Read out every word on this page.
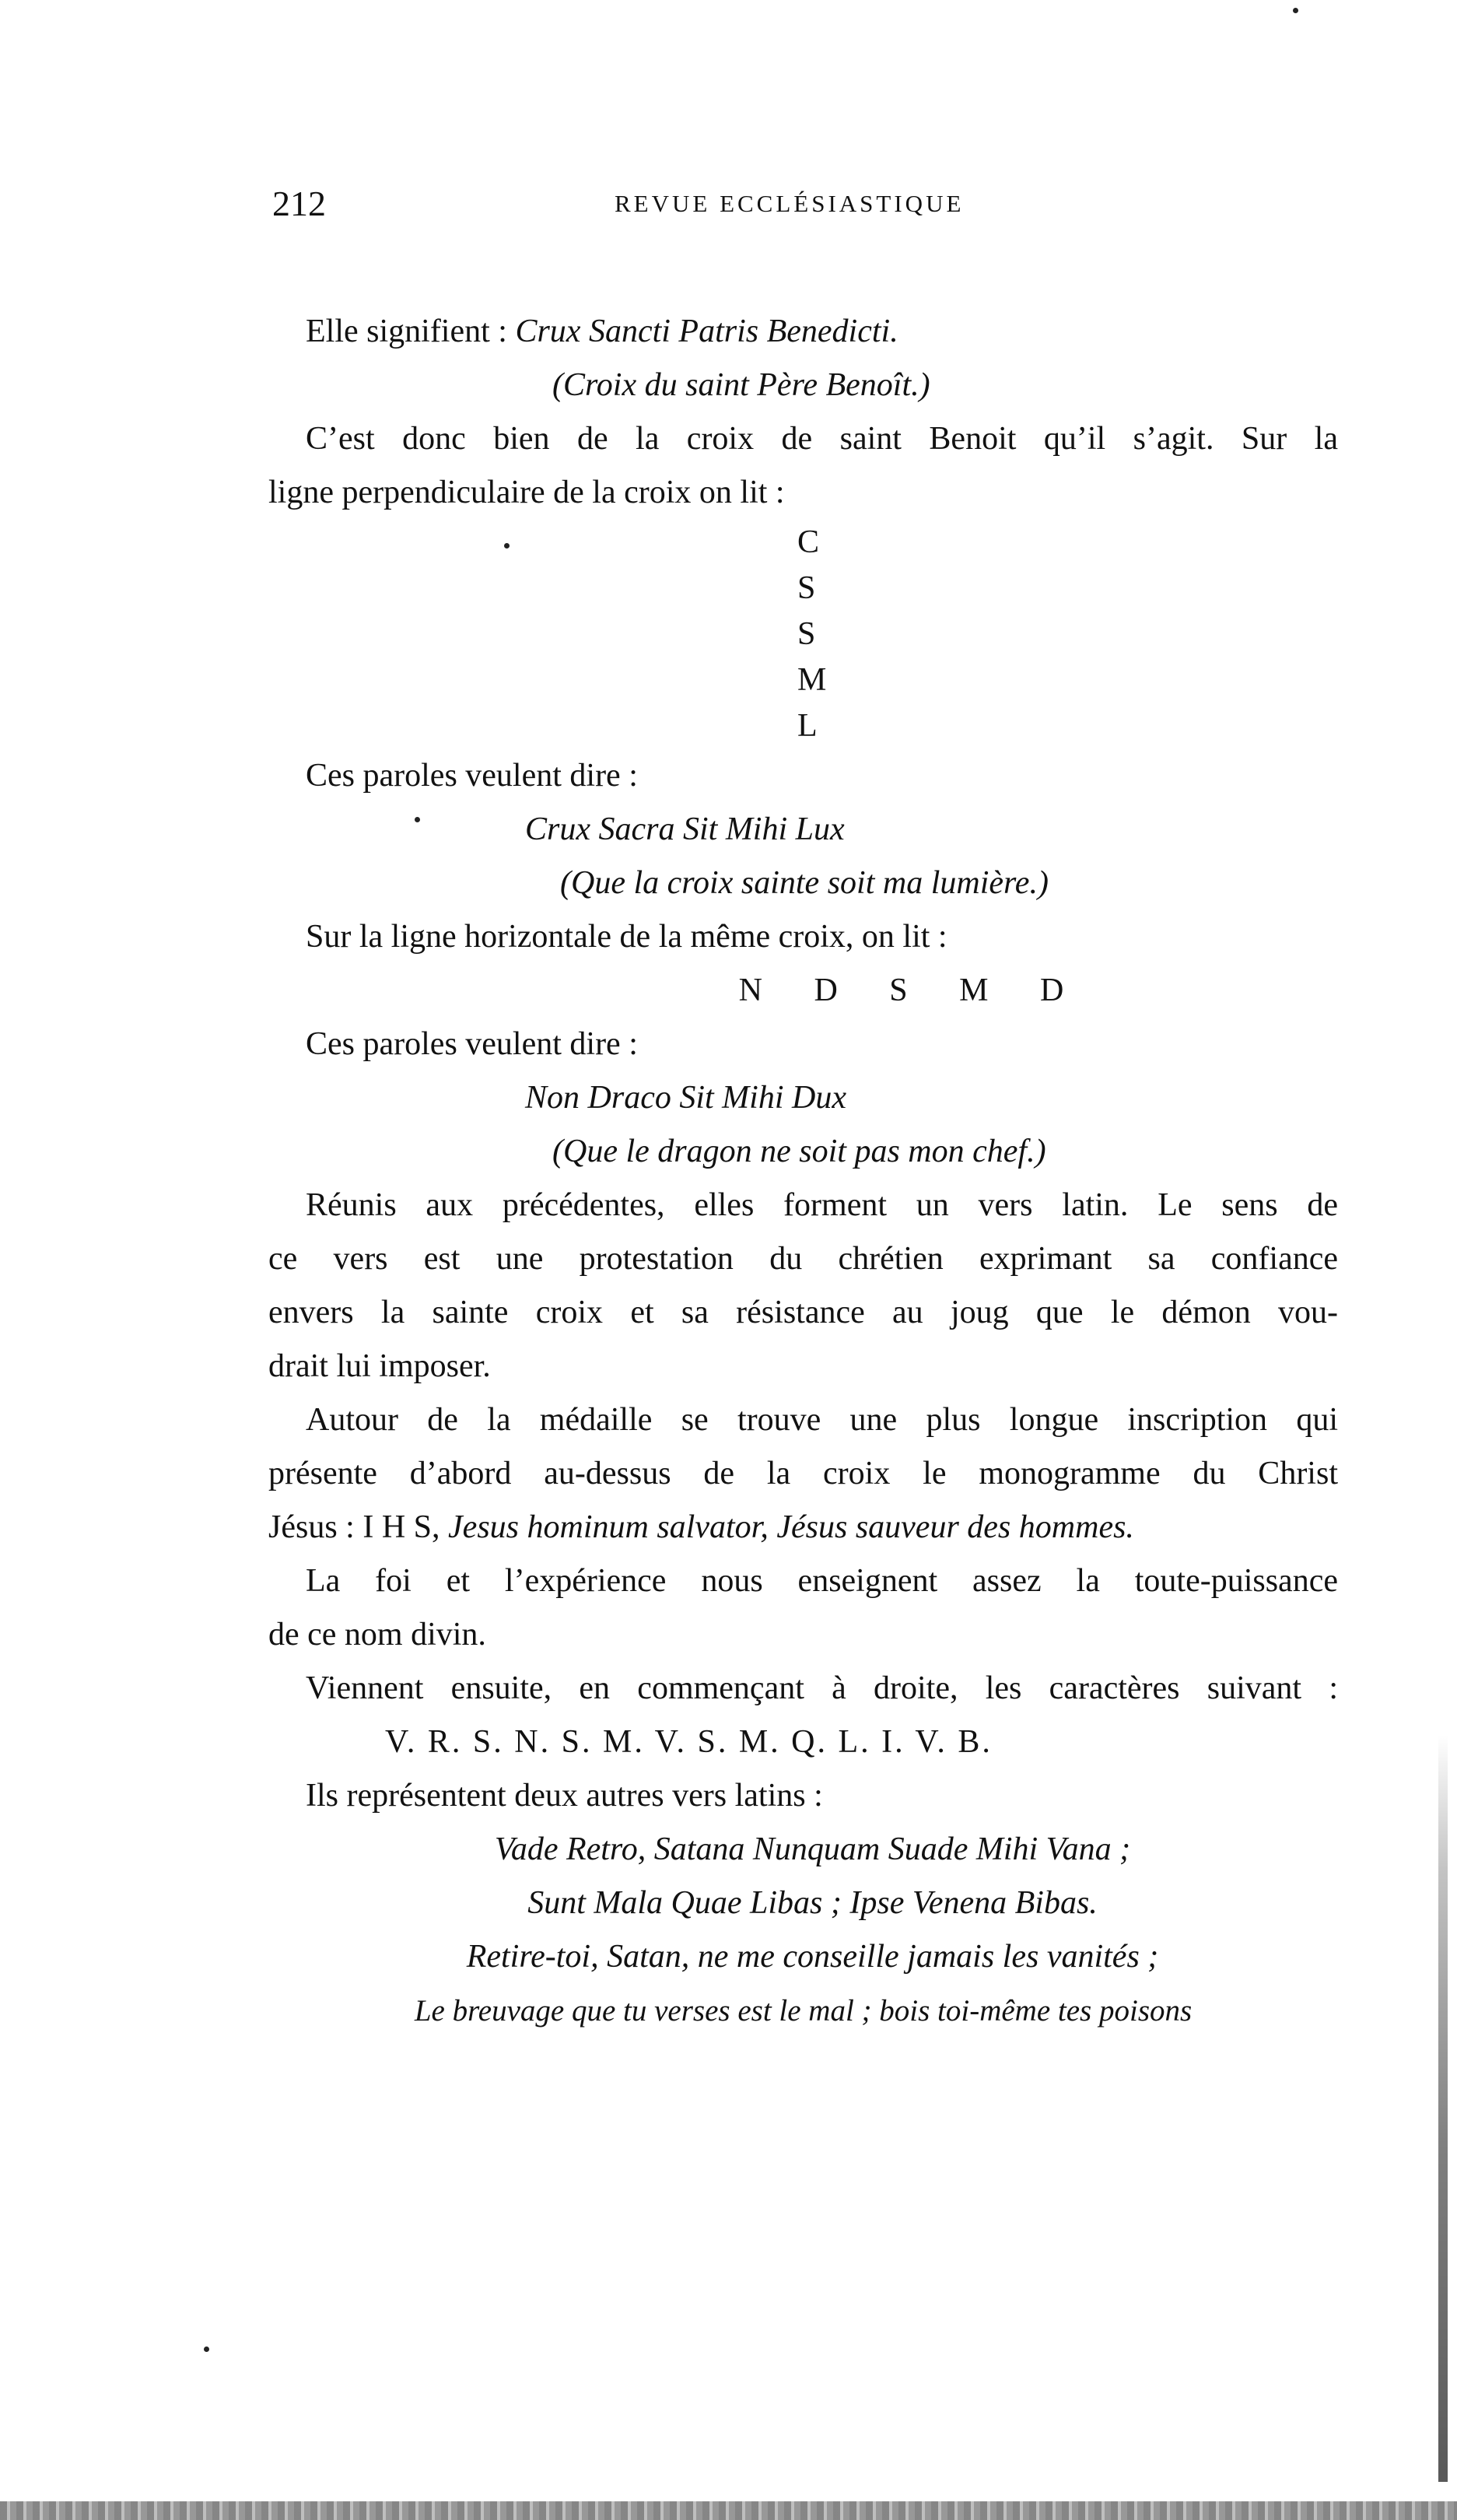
212	REVUE ECCLÉSIASTIQUE
Elle signifient : Crux Sancti Patris Benedicti.
(Croix du saint Père Benoît.)
C’est donc bien de la croix de saint Benoit qu’il s’agit. Sur la
ligne perpendiculaire de la croix on lit :
C
S
S
M
L
Ces paroles veulent dire :
Crux Sacra Sit Mihi Lux
(Que la croix sainte soit ma lumière.)
Sur la ligne horizontale de la même croix, on lit :
N D S M D
Ces paroles veulent dire :
Non Draco Sit Mihi Dux
(Que le dragon ne soit pas mon chef.)
Réunis aux précédentes, elles forment un vers latin. Le sens de
ce vers est une protestation du chrétien exprimant sa confiance
envers la sainte croix et sa résistance au joug que le démon vou-
drait lui imposer.
Autour de la médaille se trouve une plus longue inscription qui
présente d’abord au-dessus de la croix le monogramme du Christ
Jésus : I H S, Jesus hominum salvator, Jésus sauveur des hommes.
La foi et l’expérience nous enseignent assez la toute-puissance
de ce nom divin.
Viennent ensuite, en commençant à droite, les caractères suivant :
V. R. S. N. S. M. V. S. M. Q. L. I. V. B.
Ils représentent deux autres vers latins :
Vade Retro, Satana Nunquam Suade Mihi Vana ;
Sunt Mala Quae Libas ; Ipse Venena Bibas.
Retire-toi, Satan, ne me conseille jamais les vanités ;
Le breuvage que tu verses est le mal ; bois toi-même tes poisons
